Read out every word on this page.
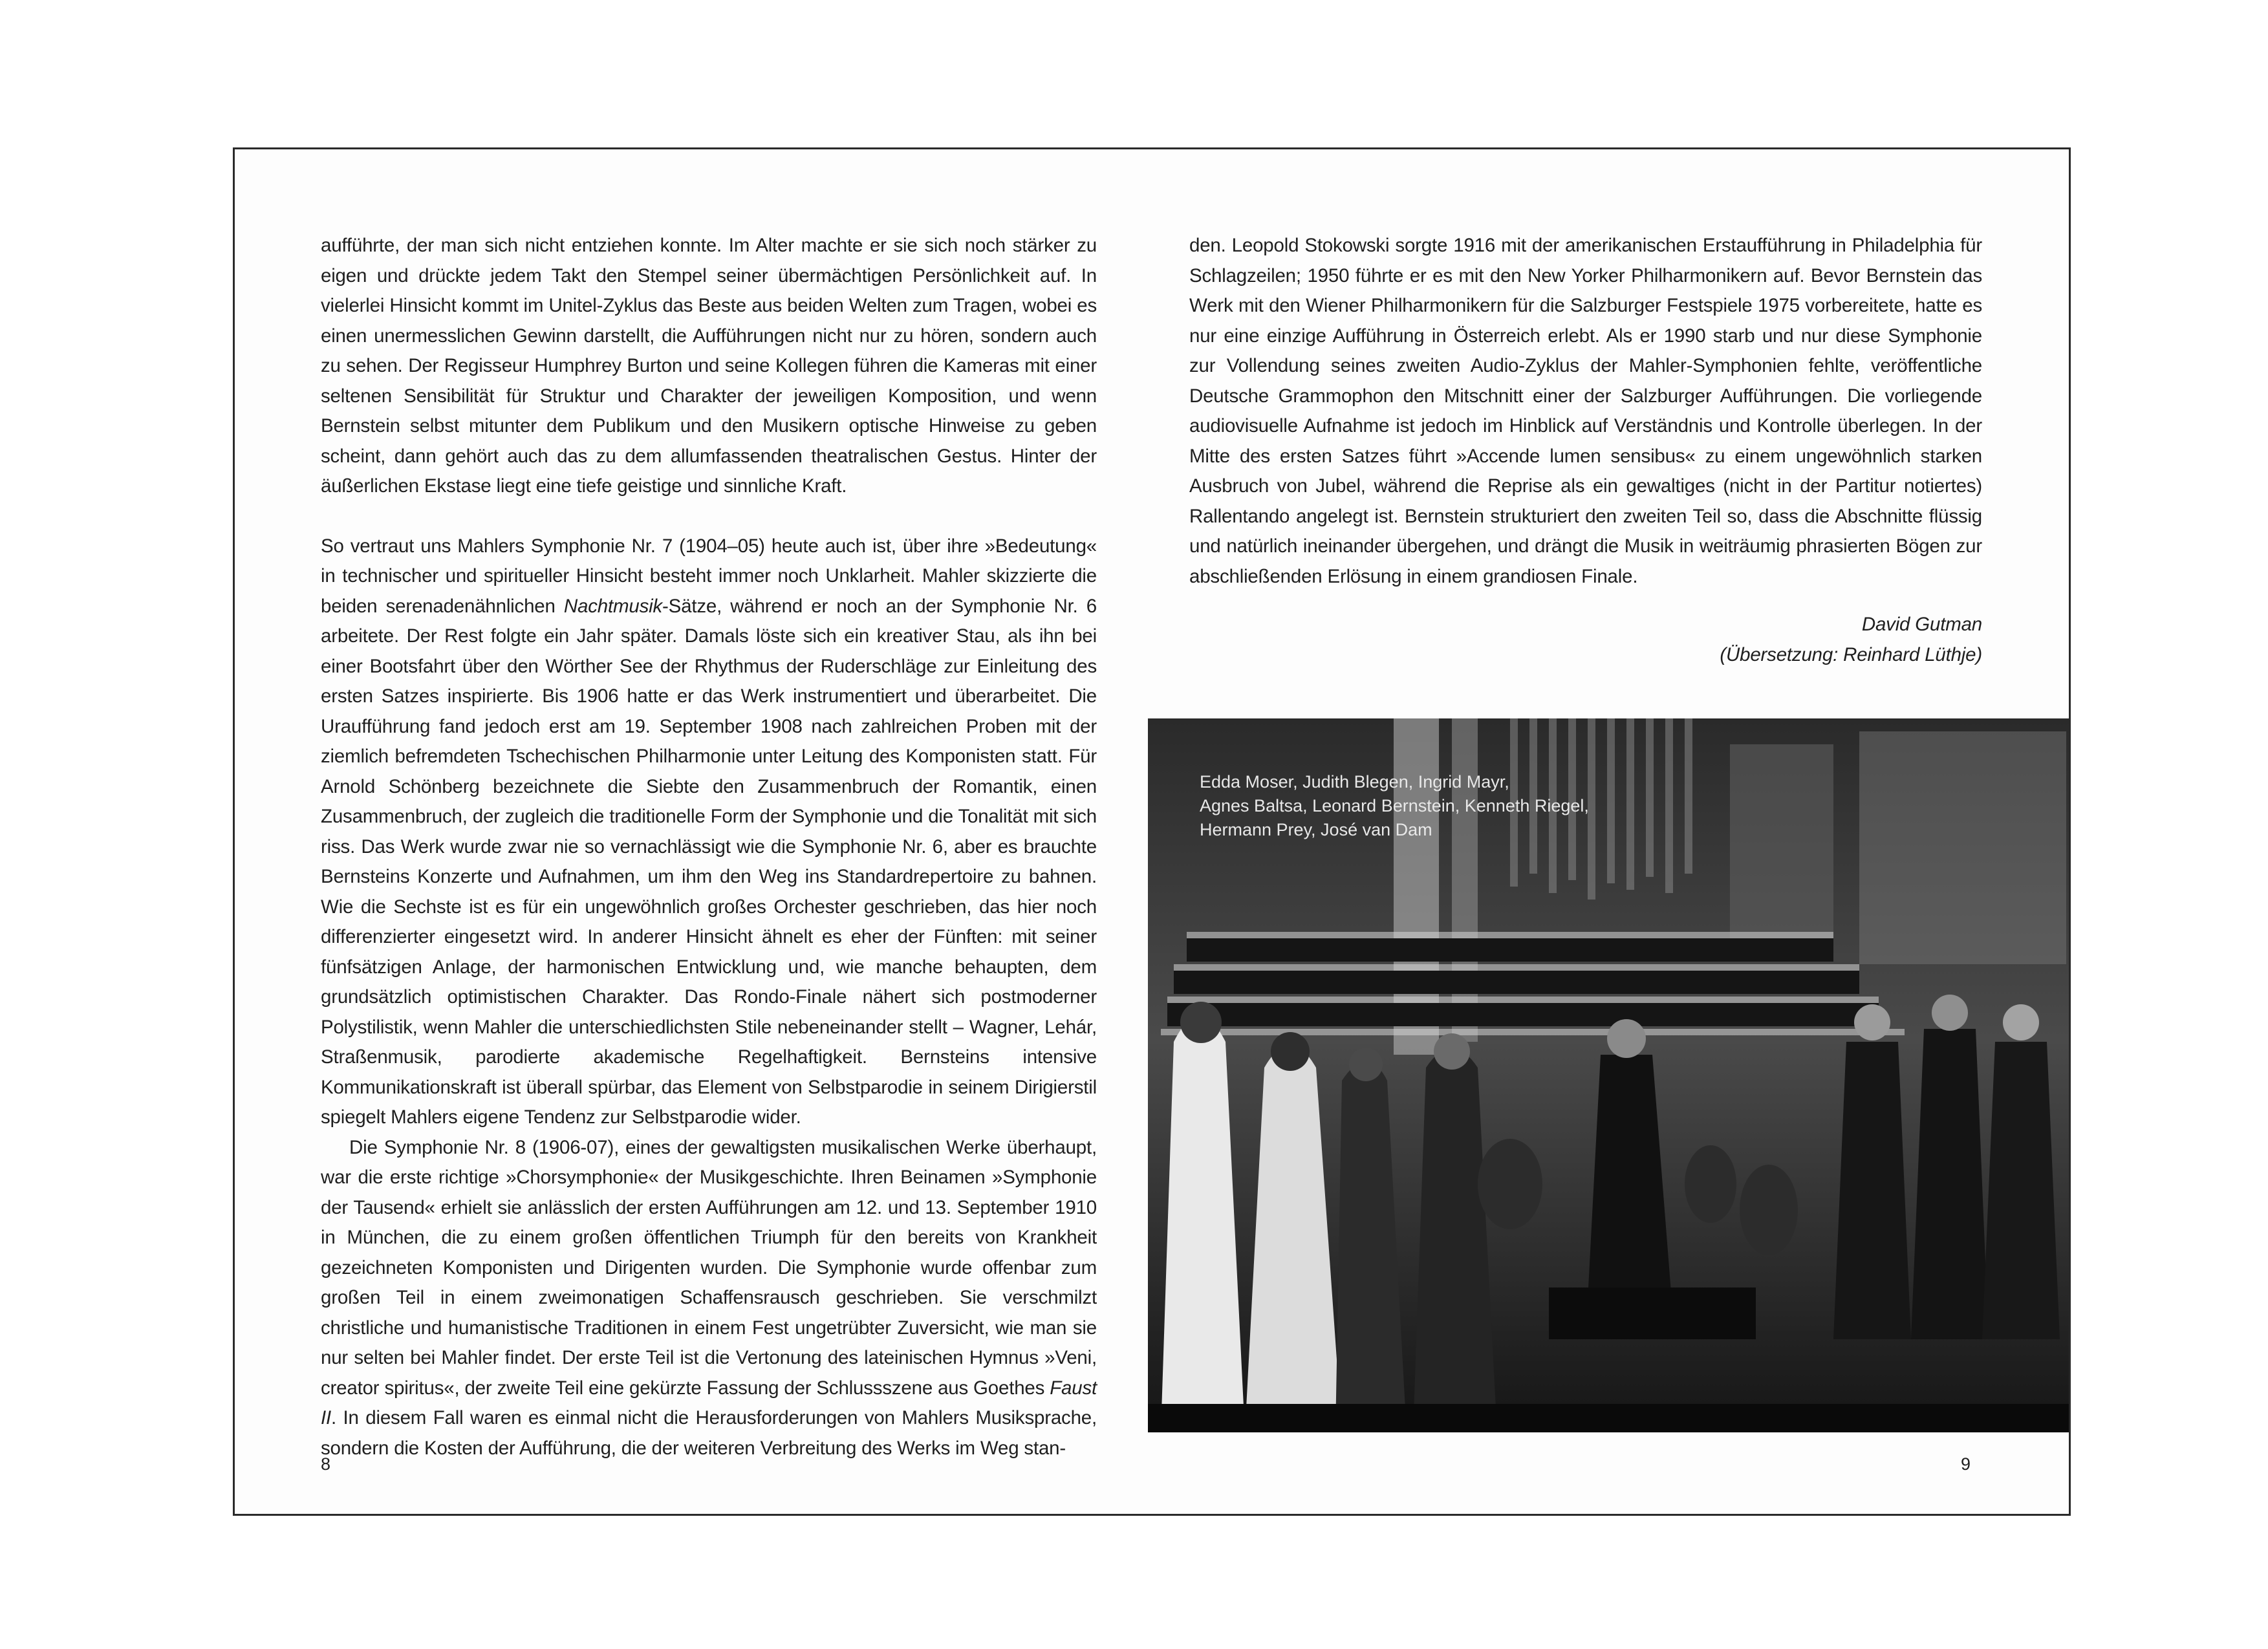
aufführte, der man sich nicht entziehen konnte. Im Alter machte er sie sich noch stärker zu eigen und drückte jedem Takt den Stempel seiner übermächtigen Persönlichkeit auf. In vielerlei Hinsicht kommt im Unitel-Zyklus das Beste aus beiden Welten zum Tragen, wobei es einen unermesslichen Gewinn darstellt, die Aufführungen nicht nur zu hören, sondern auch zu sehen. Der Regisseur Humphrey Burton und seine Kollegen führen die Kameras mit einer seltenen Sensibilität für Struktur und Charakter der jeweiligen Komposition, und wenn Bernstein selbst mitunter dem Publikum und den Musikern optische Hinweise zu geben scheint, dann gehört auch das zu dem allumfassenden theatralischen Gestus. Hinter der äußerlichen Ekstase liegt eine tiefe geistige und sinnliche Kraft.

So vertraut uns Mahlers Symphonie Nr. 7 (1904–05) heute auch ist, über ihre »Bedeutung« in technischer und spiritueller Hinsicht besteht immer noch Unklarheit. Mahler skizzierte die beiden serenadenähnlichen Nachtmusik-Sätze, während er noch an der Symphonie Nr. 6 arbeitete. Der Rest folgte ein Jahr später. Damals löste sich ein kreativer Stau, als ihn bei einer Bootsfahrt über den Wörther See der Rhythmus der Ruderschläge zur Einleitung des ersten Satzes inspirierte. Bis 1906 hatte er das Werk instrumentiert und überarbeitet. Die Uraufführung fand jedoch erst am 19. September 1908 nach zahlreichen Proben mit der ziemlich befremdeten Tschechischen Philharmonie unter Leitung des Komponisten statt. Für Arnold Schönberg bezeichnete die Siebte den Zusammenbruch der Romantik, einen Zusammenbruch, der zugleich die traditionelle Form der Symphonie und die Tonalität mit sich riss. Das Werk wurde zwar nie so vernachlässigt wie die Symphonie Nr. 6, aber es brauchte Bernsteins Konzerte und Aufnahmen, um ihm den Weg ins Standardrepertoire zu bahnen. Wie die Sechste ist es für ein ungewöhnlich großes Orchester geschrieben, das hier noch differenzierter eingesetzt wird. In anderer Hinsicht ähnelt es eher der Fünften: mit seiner fünfsätzigen Anlage, der harmonischen Entwicklung und, wie manche behaupten, dem grundsätzlich optimistischen Charakter. Das Rondo-Finale nähert sich postmoderner Polystilistik, wenn Mahler die unterschiedlichsten Stile nebeneinander stellt – Wagner, Lehár, Straßenmusik, parodierte akademische Regelhaftigkeit. Bernsteins intensive Kommunikationskraft ist überall spürbar, das Element von Selbstparodie in seinem Dirigierstil spiegelt Mahlers eigene Tendenz zur Selbstparodie wider.

Die Symphonie Nr. 8 (1906-07), eines der gewaltigsten musikalischen Werke überhaupt, war die erste richtige »Chorsymphonie« der Musikgeschichte. Ihren Beinamen »Symphonie der Tausend« erhielt sie anlässlich der ersten Aufführungen am 12. und 13. September 1910 in München, die zu einem großen öffentlichen Triumph für den bereits von Krankheit gezeichneten Komponisten und Dirigenten wurden. Die Symphonie wurde offenbar zum großen Teil in einem zweimonatigen Schaffensrausch geschrieben. Sie verschmilzt christliche und humanistische Traditionen in einem Fest ungetrübter Zuversicht, wie man sie nur selten bei Mahler findet. Der erste Teil ist die Vertonung des lateinischen Hymnus »Veni, creator spiritus«, der zweite Teil eine gekürzte Fassung der Schlussszene aus Goethes Faust II. In diesem Fall waren es einmal nicht die Herausforderungen von Mahlers Musiksprache, sondern die Kosten der Aufführung, die der weiteren Verbreitung des Werks im Weg stan-

8

den. Leopold Stokowski sorgte 1916 mit der amerikanischen Erstaufführung in Philadelphia für Schlagzeilen; 1950 führte er es mit den New Yorker Philharmonikern auf. Bevor Bernstein das Werk mit den Wiener Philharmonikern für die Salzburger Festspiele 1975 vorbereitete, hatte es nur eine einzige Aufführung in Österreich erlebt. Als er 1990 starb und nur diese Symphonie zur Vollendung seines zweiten Audio-Zyklus der Mahler-Symphonien fehlte, veröffentliche Deutsche Grammophon den Mitschnitt einer der Salzburger Aufführungen. Die vorliegende audiovisuelle Aufnahme ist jedoch im Hinblick auf Verständnis und Kontrolle überlegen. In der Mitte des ersten Satzes führt »Accende lumen sensibus« zu einem ungewöhnlich starken Ausbruch von Jubel, während die Reprise als ein gewaltiges (nicht in der Partitur notiertes) Rallentando angelegt ist. Bernstein strukturiert den zweiten Teil so, dass die Abschnitte flüssig und natürlich ineinander übergehen, und drängt die Musik in weiträumig phrasierten Bögen zur abschließenden Erlösung in einem grandiosen Finale.

David Gutman

(Übersetzung: Reinhard Lüthje)

Edda Moser, Judith Blegen, Ingrid Mayr,
Agnes Baltsa, Leonard Bernstein, Kenneth Riegel,
Hermann Prey, José van Dam
9
